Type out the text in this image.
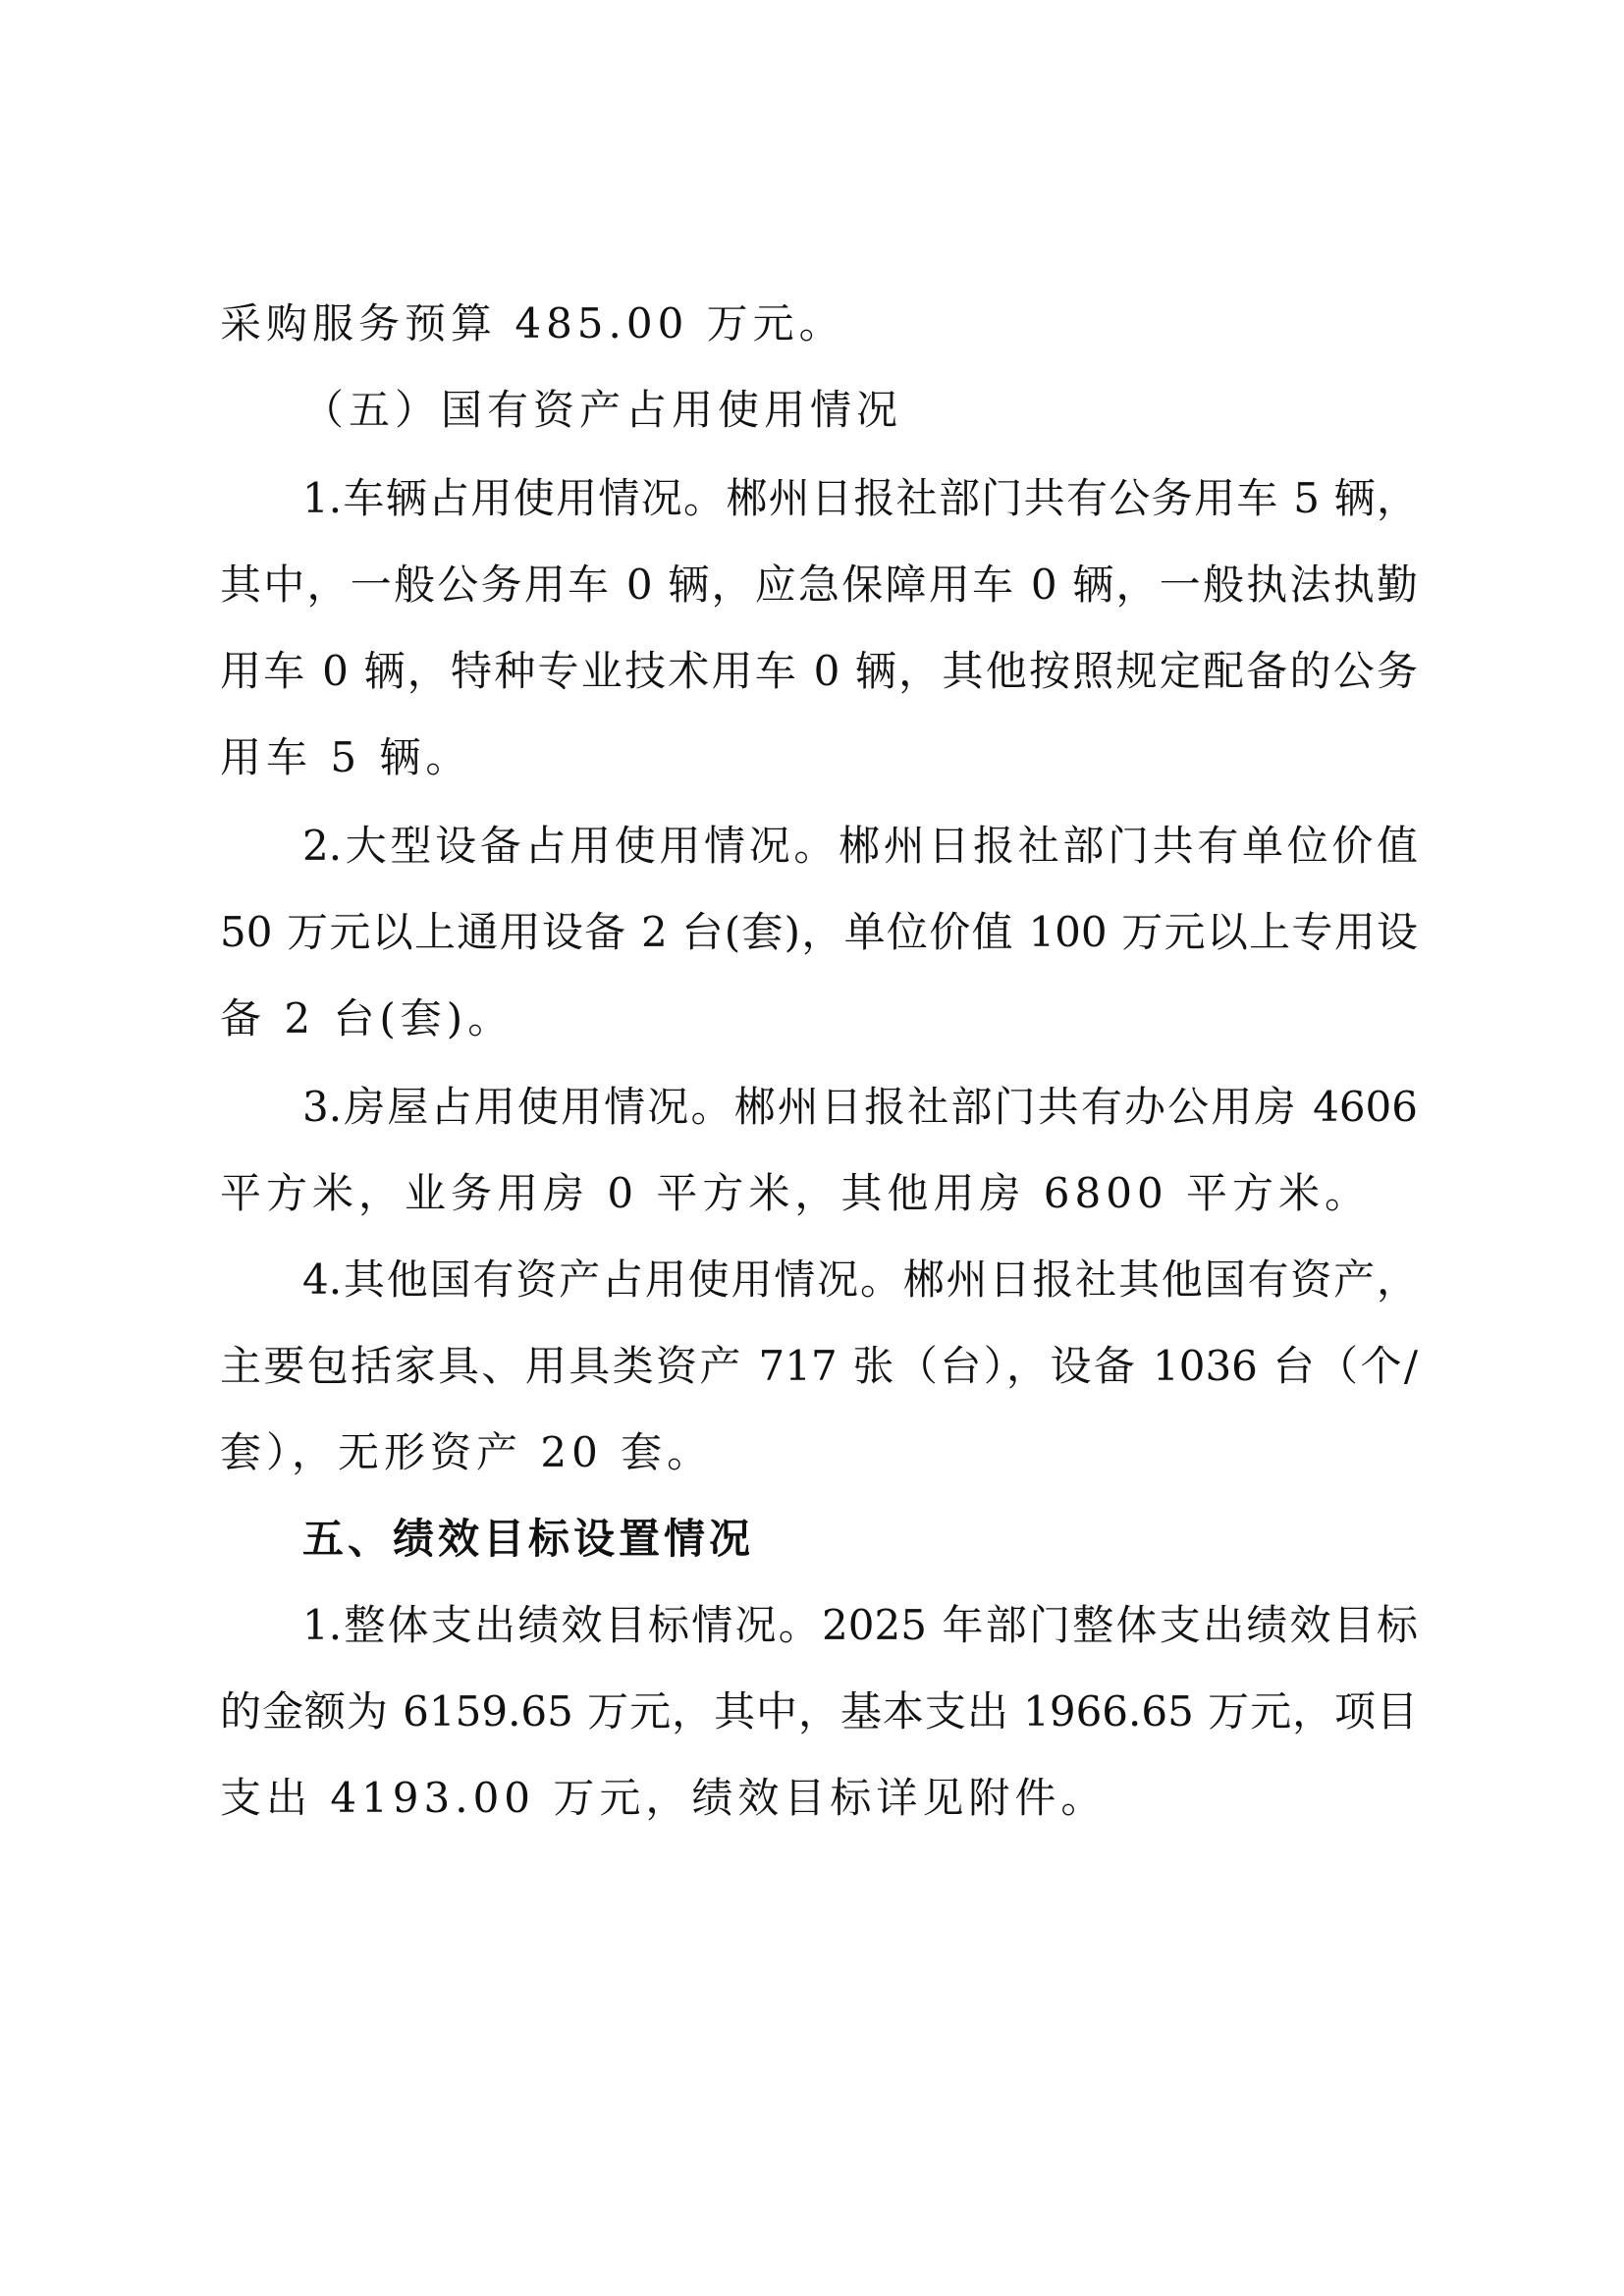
采购服务预算 485.00 万元。
（五）国有资产占用使用情况
1.车辆占用使用情况。郴州日报社部门共有公务用车 5 辆，
其中，一般公务用车 0 辆，应急保障用车 0 辆，一般执法执勤
用车 0 辆，特种专业技术用车 0 辆，其他按照规定配备的公务
用车 5 辆。
2.大型设备占用使用情况。郴州日报社部门共有单位价值
50 万元以上通用设备 2 台(套)，单位价值 100 万元以上专用设
备 2 台(套)。
3.房屋占用使用情况。郴州日报社部门共有办公用房 4606
平方米，业务用房 0 平方米，其他用房 6800 平方米。
4.其他国有资产占用使用情况。郴州日报社其他国有资产，
主要包括家具、用具类资产 717 张（台），设备 1036 台（个/
套），无形资产 20 套。
五、绩效目标设置情况
1.整体支出绩效目标情况。2025 年部门整体支出绩效目标
的金额为 6159.65 万元，其中，基本支出 1966.65 万元，项目
支出 4193.00 万元，绩效目标详见附件。
